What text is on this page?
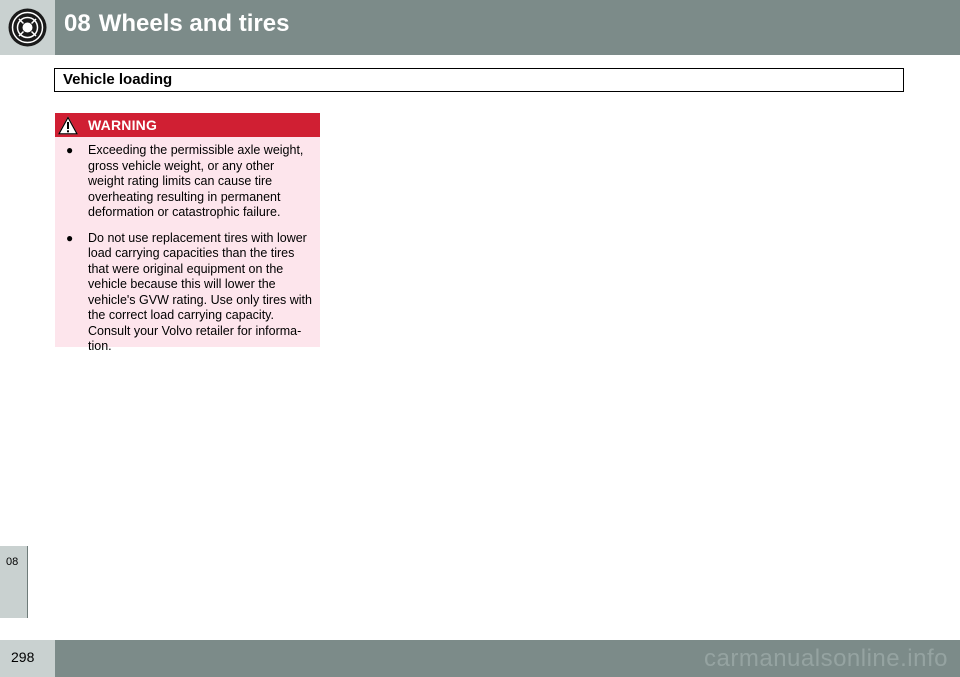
08 Wheels and tires
Vehicle loading
08
WARNING
● Exceeding the permissible axle weight, gross vehicle weight, or any other weight rating limits can cause tire overheating resulting in permanent deformation or catastrophic failure.
● Do not use replacement tires with lower load carrying capacities than the tires that were original equipment on the vehicle because this will lower the vehicle's GVW rating. Use only tires with the correct load carrying capacity. Consult your Volvo retailer for informa-tion.
298	carmanualsonline.info
